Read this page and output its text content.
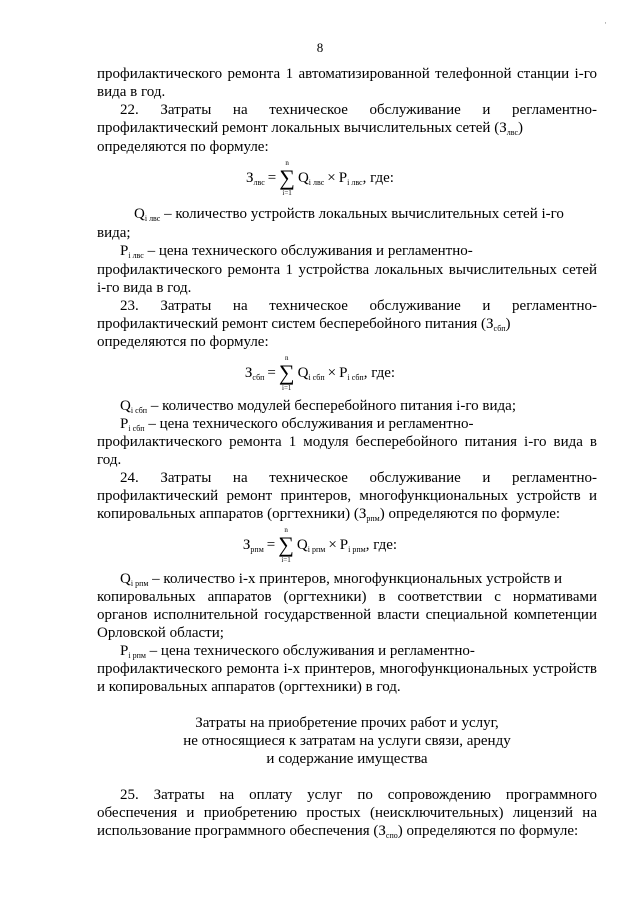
·
8
профилактического ремонта 1 автоматизированной телефонной станции i-го
вида в год.
22. Затраты на техническое обслуживание и регламентно-
профилактический ремонт локальных вычислительных сетей $(З_{лвс})$
определяются по формуле:
$З_{лвс}$ =
n
∑
i=1
$Q_{i лвс} \times P_{i лвс}$, где:
$Q_{i лвс}$ – количество устройств локальных вычислительных сетей i-го
вида;
$P_{i лвс}$ – цена технического обслуживания и регламентно-
профилактического ремонта 1 устройства локальных вычислительных сетей
i-го вида в год.
23. Затраты на техническое обслуживание и регламентно-
профилактический ремонт систем бесперебойного питания $(З_{сбп})$
определяются по формуле:
$З_{сбп}$ =
n
∑
i=1
$Q_{i сбп} \times P_{i сбп}$, где:
$Q_{i сбп}$ – количество модулей бесперебойного питания i-го вида;
$P_{i сбп}$ – цена технического обслуживания и регламентно-
профилактического ремонта 1 модуля бесперебойного питания i-го вида в
год.
24. Затраты на техническое обслуживание и регламентно-
профилактический ремонт принтеров, многофункциональных устройств и
копировальных аппаратов (оргтехники) $(З_{рпм})$ определяются по формуле:
$З_{рпм}$ =
n
∑
i=1
$Q_{i рпм} \times P_{i рпм}$, где:
$Q_{i рпм}$ – количество i-х принтеров, многофункциональных устройств и
копировальных аппаратов (оргтехники) в соответствии с нормативами
органов исполнительной государственной власти специальной компетенции
Орловской области;
$P_{i рпм}$ – цена технического обслуживания и регламентно-
профилактического ремонта i-х принтеров, многофункциональных устройств
и копировальных аппаратов (оргтехники) в год.
Затраты на приобретение прочих работ и услуг,
не относящиеся к затратам на услуги связи, аренду
и содержание имущества
25. Затраты на оплату услуг по сопровождению программного
обеспечения и приобретению простых (неисключительных) лицензий на
использование программного обеспечения $(З_{спо})$ определяются по формуле:
